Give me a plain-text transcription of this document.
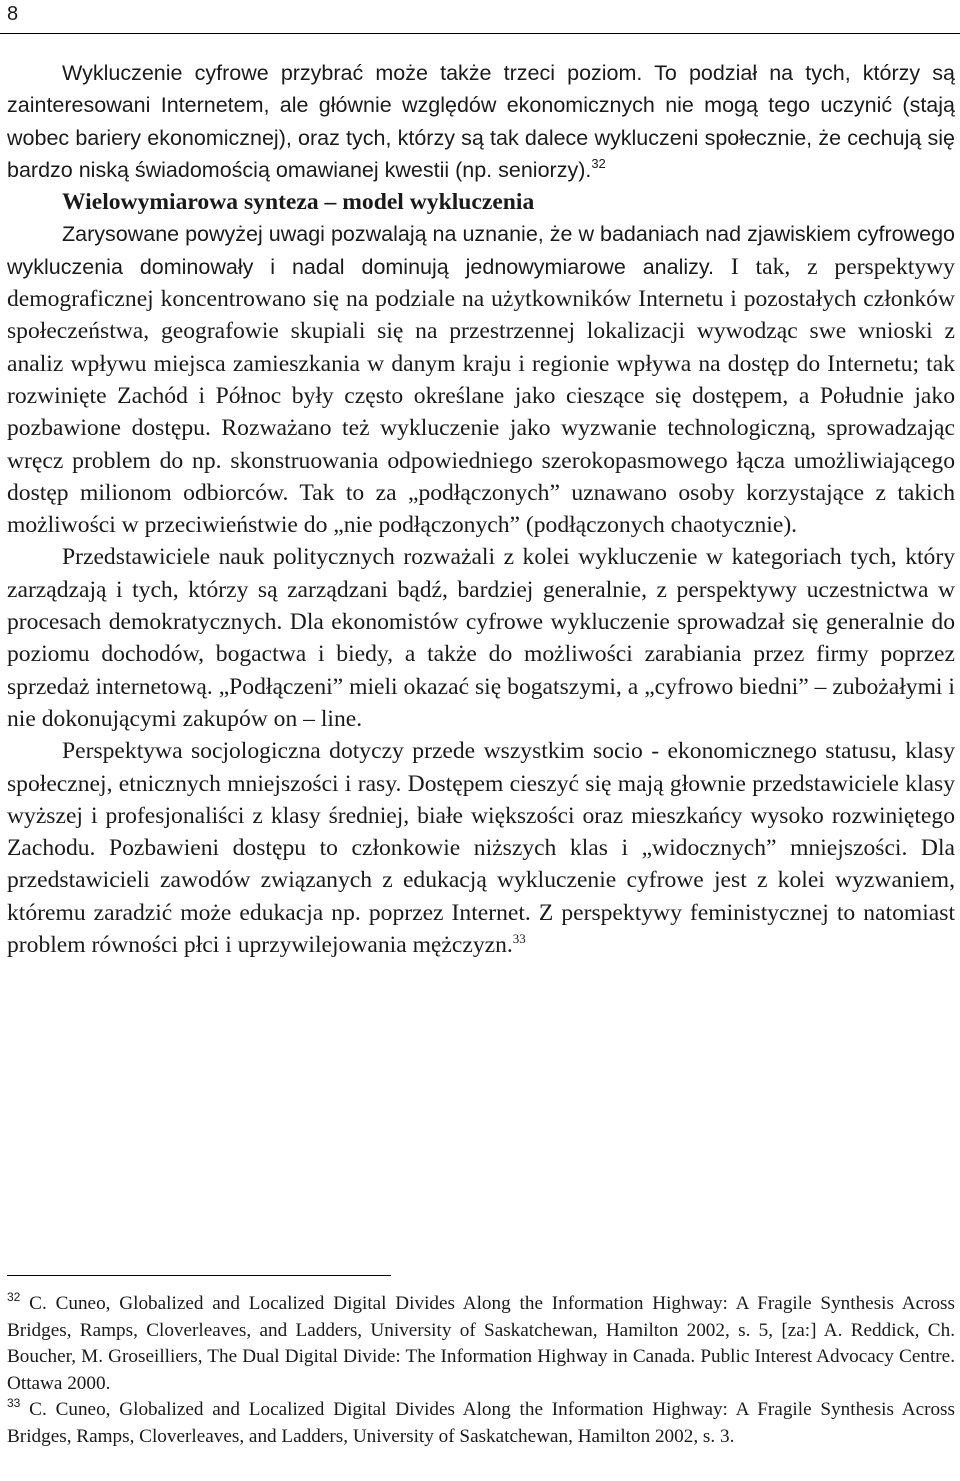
8

Wykluczenie cyfrowe przybrać może także trzeci poziom. To podział na tych, którzy są zainteresowani Internetem, ale głównie względów ekonomicznych nie mogą tego uczynić (stają wobec bariery ekonomicznej), oraz tych, którzy są tak dalece wykluczeni społecznie, że cechują się bardzo niską świadomością omawianej kwestii (np. seniorzy).$^{32}$

Wielowymiarowa synteza – model wykluczenia

Zarysowane powyżej uwagi pozwalają na uznanie, że w badaniach nad zjawiskiem cyfrowego wykluczenia dominowały i nadal dominują jednowymiarowe analizy. I tak, z perspektywy demograficznej koncentrowano się na podziale na użytkowników Internetu i pozostałych członków społeczeństwa, geografowie skupiali się na przestrzennej lokalizacji wywodząc swe wnioski z analiz wpływu miejsca zamieszkania w danym kraju i regionie wpływa na dostęp do Internetu; tak rozwinięte Zachód i Północ były często określane jako cieszące się dostępem, a Południe jako pozbawione dostępu. Rozważano też wykluczenie jako wyzwanie technologiczną, sprowadzając wręcz problem do np. skonstruowania odpowiedniego szerokopasmowego łącza umożliwiającego dostęp milionom odbiorców. Tak to za „podłączonych” uznawano osoby korzystające z takich możliwości w przeciwieństwie do „nie podłączonych” (podłączonych chaotycznie).

Przedstawiciele nauk politycznych rozważali z kolei wykluczenie w kategoriach tych, który zarządzają i tych, którzy są zarządzani bądź, bardziej generalnie, z perspektywy uczestnictwa w procesach demokratycznych. Dla ekonomistów cyfrowe wykluczenie sprowadzał się generalnie do poziomu dochodów, bogactwa i biedy, a także do możliwości zarabiania przez firmy poprzez sprzedaż internetową. „Podłączeni” mieli okazać się bogatszymi, a „cyfrowo biedni” – zubożałymi i nie dokonującymi zakupów on – line.

Perspektywa socjologiczna dotyczy przede wszystkim socio - ekonomicznego statusu, klasy społecznej, etnicznych mniejszości i rasy. Dostępem cieszyć się mają głownie przedstawiciele klasy wyższej i profesjonaliści z klasy średniej, białe większości oraz mieszkańcy wysoko rozwiniętego Zachodu. Pozbawieni dostępu to członkowie niższych klas i „widocznych” mniejszości. Dla przedstawicieli zawodów związanych z edukacją wykluczenie cyfrowe jest z kolei wyzwaniem, któremu zaradzić może edukacja np. poprzez Internet. Z perspektywy feministycznej to natomiast problem równości płci i uprzywilejowania mężczyzn.$^{33}$

$^{32}$ C. Cuneo, Globalized and Localized Digital Divides Along the Information Highway: A Fragile Synthesis Across Bridges, Ramps, Cloverleaves, and Ladders, University of Saskatchewan, Hamilton 2002, s. 5, [za:] A. Reddick, Ch. Boucher, M. Groseilliers, The Dual Digital Divide: The Information Highway in Canada. Public Interest Advocacy Centre. Ottawa 2000.

$^{33}$ C. Cuneo, Globalized and Localized Digital Divides Along the Information Highway: A Fragile Synthesis Across Bridges, Ramps, Cloverleaves, and Ladders, University of Saskatchewan, Hamilton 2002, s. 3.
